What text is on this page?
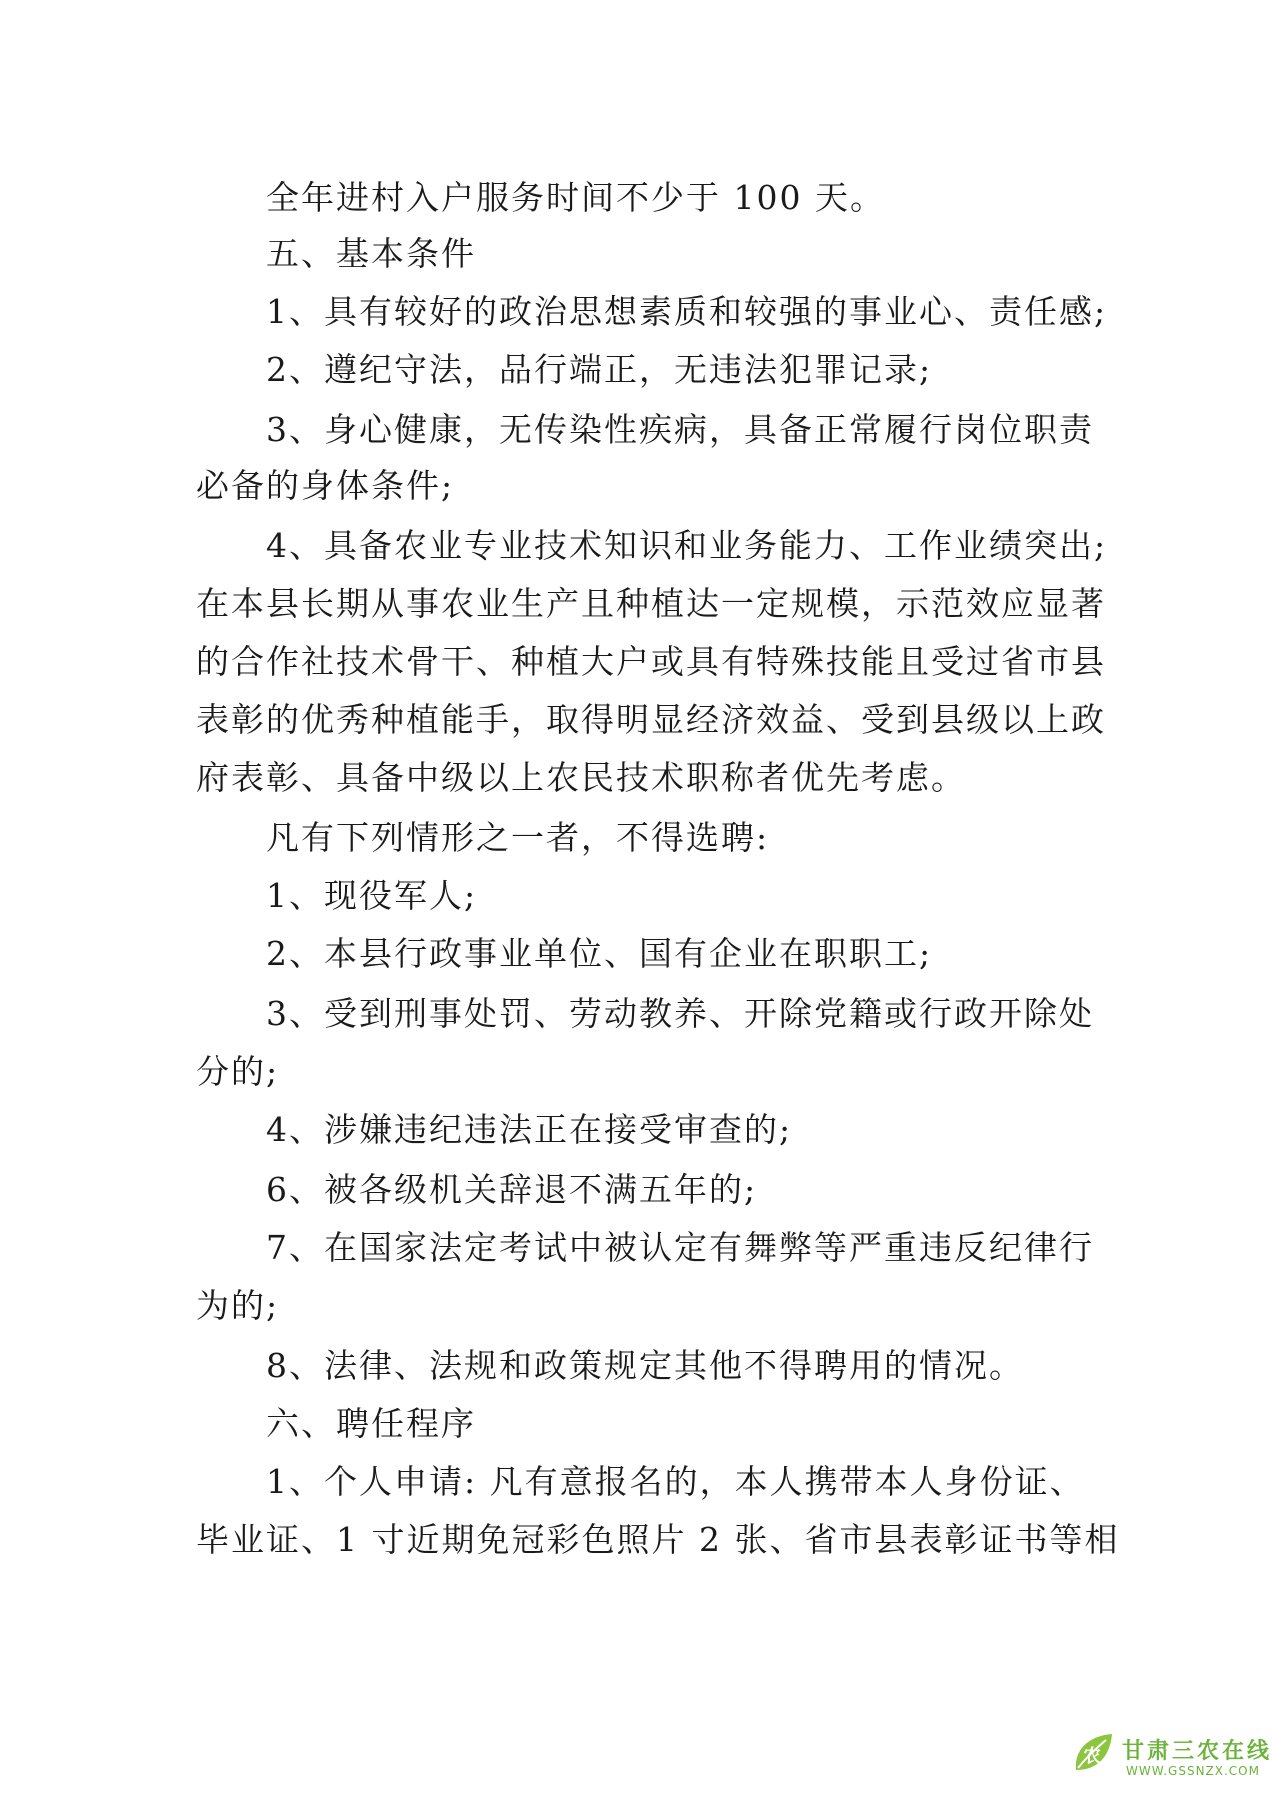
全年进村入户服务时间不少于 100 天。
五、基本条件
1、具有较好的政治思想素质和较强的事业心、责任感;
2、遵纪守法，品行端正，无违法犯罪记录;
3、身心健康，无传染性疾病，具备正常履行岗位职责
必备的身体条件;
4、具备农业专业技术知识和业务能力、工作业绩突出;
在本县长期从事农业生产且种植达一定规模，示范效应显著
的合作社技术骨干、种植大户或具有特殊技能且受过省市县
表彰的优秀种植能手，取得明显经济效益、受到县级以上政
府表彰、具备中级以上农民技术职称者优先考虑。
凡有下列情形之一者，不得选聘:
1、现役军人;
2、本县行政事业单位、国有企业在职职工;
3、受到刑事处罚、劳动教养、开除党籍或行政开除处
分的;
4、涉嫌违纪违法正在接受审查的;
6、被各级机关辞退不满五年的;
7、在国家法定考试中被认定有舞弊等严重违反纪律行
为的;
8、法律、法规和政策规定其他不得聘用的情况。
六、聘任程序
1、个人申请: 凡有意报名的，本人携带本人身份证、
毕业证、1 寸近期免冠彩色照片 2 张、省市县表彰证书等相
农 甘肃三农在线
WWW.GSSNZX.COM
